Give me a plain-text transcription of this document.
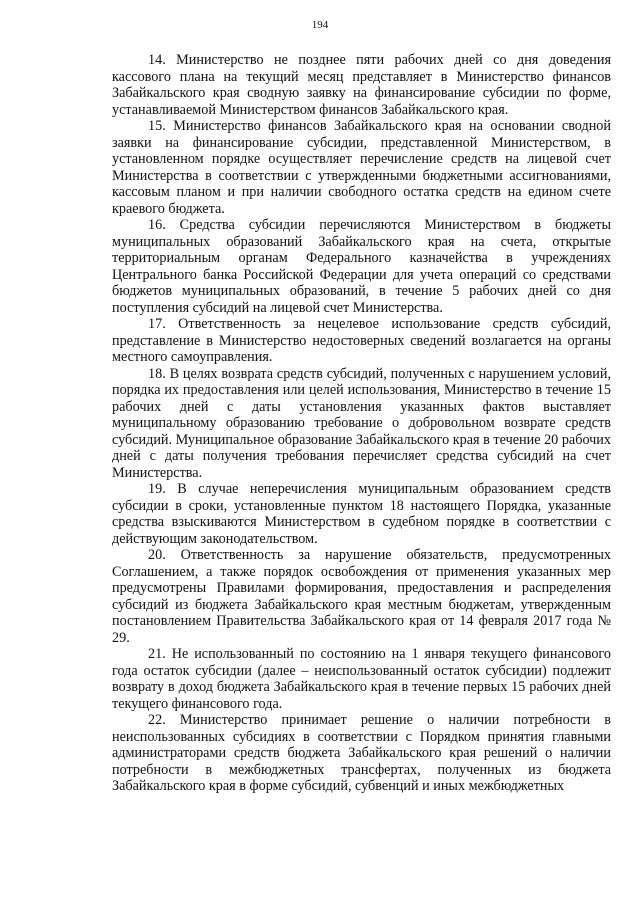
194

14. Министерство не позднее пяти рабочих дней со дня доведения кассового плана на текущий месяц представляет в Министерство финансов Забайкальского края сводную заявку на финансирование субсидии по форме, устанавливаемой Министерством финансов Забайкальского края.

15. Министерство финансов Забайкальского края на основании сводной заявки на финансирование субсидии, представленной Министерством, в установленном порядке осуществляет перечисление средств на лицевой счет Министерства в соответствии с утвержденными бюджетными ассигнованиями, кассовым планом и при наличии свободного остатка средств на едином счете краевого бюджета.

16. Средства субсидии перечисляются Министерством в бюджеты муниципальных образований Забайкальского края на счета, открытые территориальным органам Федерального казначейства в учреждениях Центрального банка Российской Федерации для учета операций со средствами бюджетов муниципальных образований, в течение 5 рабочих дней со дня поступления субсидий на лицевой счет Министерства.

17. Ответственность за нецелевое использование средств субсидий, представление в Министерство недостоверных сведений возлагается на органы местного самоуправления.

18. В целях возврата средств субсидий, полученных с нарушением условий, порядка их предоставления или целей использования, Министерство в течение 15 рабочих дней с даты установления указанных фактов выставляет муниципальному образованию требование о добровольном возврате средств субсидий. Муниципальное образование Забайкальского края в течение 20 рабочих дней с даты получения требования перечисляет средства субсидий на счет Министерства.

19. В случае неперечисления муниципальным образованием средств субсидии в сроки, установленные пунктом 18 настоящего Порядка, указанные средства взыскиваются Министерством в судебном порядке в соответствии с действующим законодательством.

20. Ответственность за нарушение обязательств, предусмотренных Соглашением, а также порядок освобождения от применения указанных мер предусмотрены Правилами формирования, предоставления и распределения субсидий из бюджета Забайкальского края местным бюджетам, утвержденным постановлением Правительства Забайкальского края от 14 февраля 2017 года № 29.

21. Не использованный по состоянию на 1 января текущего финансового года остаток субсидии (далее – неиспользованный остаток субсидии) подлежит возврату в доход бюджета Забайкальского края в течение первых 15 рабочих дней текущего финансового года.

22. Министерство принимает решение о наличии потребности в неиспользованных субсидиях в соответствии с Порядком принятия главными администраторами средств бюджета Забайкальского края решений о наличии потребности в межбюджетных трансфертах, полученных из бюджета Забайкальского края в форме субсидий, субвенций и иных межбюджетных
